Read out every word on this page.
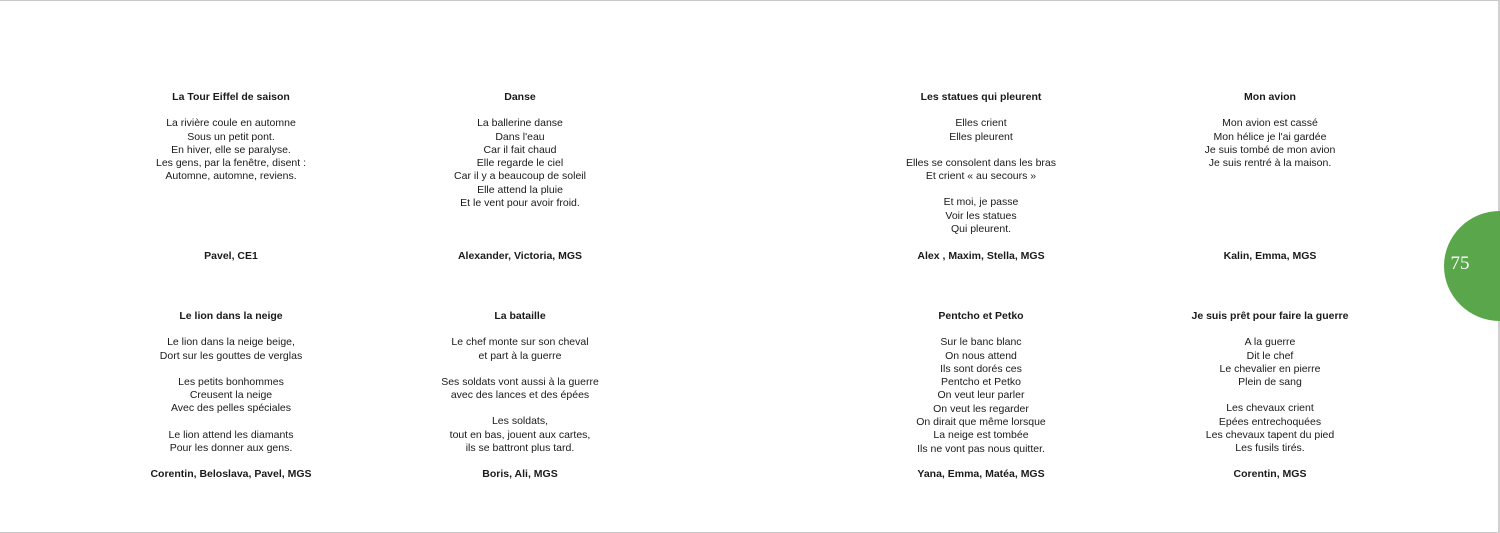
La Tour Eiffel de saison
La rivière coule en automne
Sous un petit pont.
En hiver, elle se paralyse.
Les gens, par la fenêtre, disent :
Automne, automne, reviens.
Pavel, CE1
Danse
La ballerine danse
Dans l'eau
Car il fait chaud
Elle regarde le ciel
Car il y a beaucoup de soleil
Elle attend la pluie
Et le vent pour avoir froid.
Alexander, Victoria, MGS
Les statues qui pleurent
Elles crient
Elles pleurent
Elles se consolent dans les bras
Et crient « au secours »
Et moi, je passe
Voir les statues
Qui pleurent.
Alex , Maxim, Stella, MGS
Mon avion
Mon avion est cassé
Mon hélice je l'ai gardée
Je suis tombé de mon avion
Je suis rentré à la maison.
Kalin, Emma, MGS
Le lion dans la neige
Le lion dans la neige beige,
Dort sur les gouttes de verglas
Les petits bonhommes
Creusent la neige
Avec des pelles spéciales
Le lion attend les diamants
Pour les donner aux gens.
Corentin, Beloslava, Pavel, MGS
La bataille
Le chef monte sur son cheval
et part à la guerre
Ses soldats vont aussi à la guerre
avec des lances et des épées
Les soldats,
tout en bas, jouent aux cartes,
ils se battront plus tard.
Boris, Ali, MGS
Pentcho et Petko
Sur le banc blanc
On nous attend
Ils sont dorés ces
Pentcho et Petko
On veut leur parler
On veut les regarder
On dirait que même lorsque
La neige est tombée
Ils ne vont pas nous quitter.
Yana, Emma, Matéa, MGS
Je suis prêt pour faire la guerre
A la guerre
Dit le chef
Le chevalier en pierre
Plein de sang
Les chevaux crient
Epées entrechoquées
Les chevaux tapent du pied
Les fusils tirés.
Corentin, MGS
75
